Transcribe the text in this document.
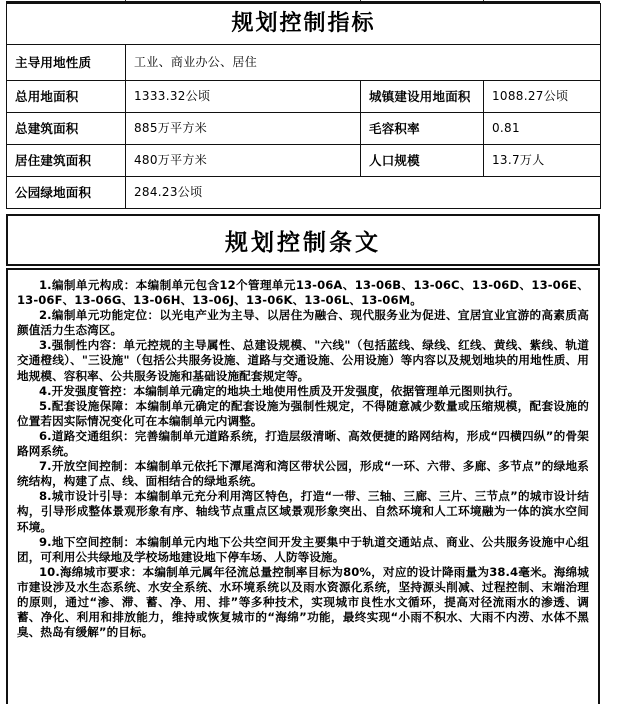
规划控制指标			
主导用地性质	工业、商业办公、居住		
总用地面积	1333.32公顷	城镇建设用地面积	1088.27公顷
总建筑面积	885万平方米	毛容积率	0.81
居住建筑面积	480万平方米	人口规模	13.7万人
公园绿地面积	284.23公顷		
规划控制条文

1.编制单元构成：本编制单元包含12个管理单元13-06A、13-06B、13-06C、13-06D、13-06E、13-06F、13-06G、13-06H、13-06J、13-06K、13-06L、13-06M。

2.编制单元功能定位：以光电产业为主导、以居住为融合、现代服务业为促进、宜居宜业宜游的高素质高颜值活力生态湾区。

3.强制性内容：单元控规的主导属性、总建设规模、"六线"（包括蓝线、绿线、红线、黄线、紫线、轨道交通橙线）、"三设施"（包括公共服务设施、道路与交通设施、公用设施）等内容以及规划地块的用地性质、用地规模、容积率、公共服务设施和基础设施配套规定等。

4.开发强度管控：本编制单元确定的地块土地使用性质及开发强度，依据管理单元图则执行。

5.配套设施保障：本编制单元确定的配套设施为强制性规定，不得随意减少数量或压缩规模，配套设施的位置若因实际情况变化可在本编制单元内调整。

6.道路交通组织：完善编制单元道路系统，打造层级清晰、高效便捷的路网结构，形成“四横四纵”的骨架路网系统。

7.开放空间控制：本编制单元依托下潭尾湾和湾区带状公园，形成“一环、六带、多廊、多节点”的绿地系统结构，构建了点、线、面相结合的绿地系统。

8.城市设计引导：本编制单元充分利用湾区特色，打造“一带、三轴、三廊、三片、三节点”的城市设计结构，引导形成整体景观形象有序、轴线节点重点区域景观形象突出、自然环境和人工环境融为一体的滨水空间环境。

9.地下空间控制：本编制单元内地下公共空间开发主要集中于轨道交通站点、商业、公共服务设施中心组团，可利用公共绿地及学校场地建设地下停车场、人防等设施。

10.海绵城市要求：本编制单元属年径流总量控制率目标为80%，对应的设计降雨量为38.4毫米。海绵城市建设涉及水生态系统、水安全系统、水环境系统以及雨水资源化系统，坚持源头削减、过程控制、末端治理的原则，通过“渗、滞、蓄、净、用、排”等多种技术，实现城市良性水文循环，提高对径流雨水的渗透、调蓄、净化、利用和排放能力，维持或恢复城市的“海绵”功能，最终实现“小雨不积水、大雨不内涝、水体不黑臭、热岛有缓解”的目标。
